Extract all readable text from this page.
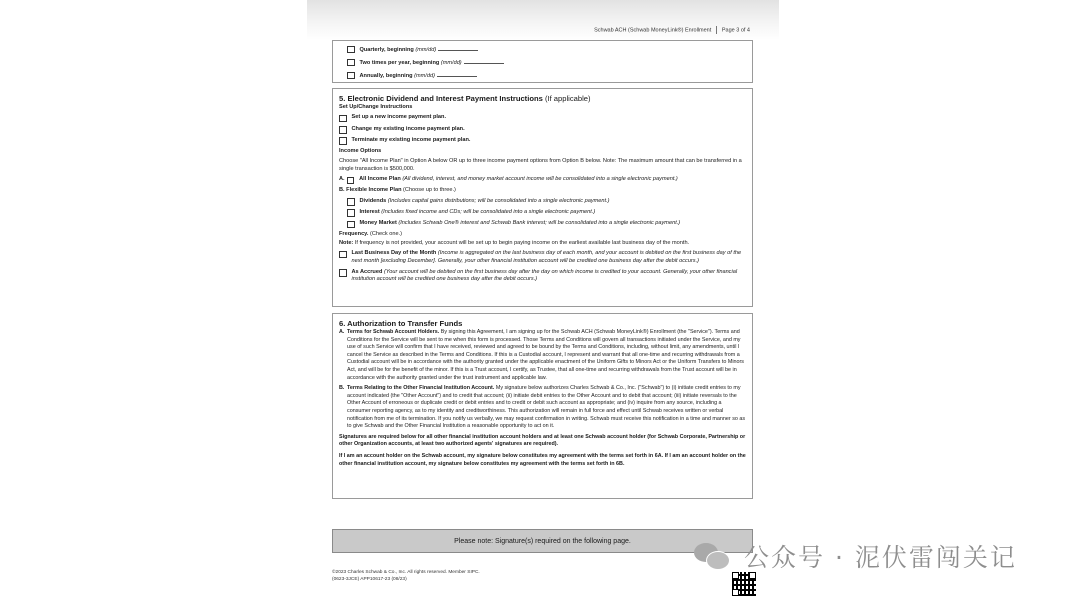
Schwab ACH (Schwab MoneyLink®) Enrollment Page 3 of 4
Quarterly, beginning (mm/dd)
Two times per year, beginning (mm/dd)
Annually, beginning (mm/dd)
5. Electronic Dividend and Interest Payment Instructions (If applicable)
Set Up/Change Instructions
Set up a new income payment plan.
Change my existing income payment plan.
Terminate my existing income payment plan.
Income Options
Choose "All Income Plan" in Option A below OR up to three income payment options from Option B below. Note: The maximum amount that can be transferred in a single transaction is $500,000.
A.	All Income Plan (All dividend, interest, and money market account income will be consolidated into a single electronic payment.)
B. Flexible Income Plan (Choose up to three.)
Dividends (Includes capital gains distributions; will be consolidated into a single electronic payment.)
Interest (Includes fixed income and CDs; will be consolidated into a single electronic payment.)
Money Market (Includes Schwab One® interest and Schwab Bank interest; will be consolidated into a single electronic payment.)
Frequency. (Check one.)
Note: If frequency is not provided, your account will be set up to begin paying income on the earliest available last business day of the month.
Last Business Day of the Month (Income is aggregated on the last business day of each month, and your account is debited on the first business day of the next month [excluding December]. Generally, your other financial institution account will be credited one business day after the debit occurs.)
As Accrued (Your account will be debited on the first business day after the day on which income is credited to your account. Generally, your other financial institution account will be credited one business day after the debit occurs.)
6. Authorization to Transfer Funds
A. Terms for Schwab Account Holders. By signing this Agreement, I am signing up for the Schwab ACH (Schwab MoneyLink®) Enrollment (the "Service"). Terms and Conditions for the Service will be sent to me when this form is processed. Those Terms and Conditions will govern all transactions initiated under the Service, and my use of such Service will confirm that I have received, reviewed and agreed to be bound by the Terms and Conditions, including, without limit, any amendments, until I cancel the Service as described in the Terms and Conditions. If this is a Custodial account, I represent and warrant that all one-time and recurring withdrawals from a Custodial account will be in accordance with the authority granted under the applicable enactment of the Uniform Gifts to Minors Act or the Uniform Transfers to Minors Act, and will be for the benefit of the minor. If this is a Trust account, I certify, as Trustee, that all one-time and recurring withdrawals from the Trust account will be in accordance with the authority granted under the trust instrument and applicable law.
B. Terms Relating to the Other Financial Institution Account. My signature below authorizes Charles Schwab & Co., Inc. ("Schwab") to (i) initiate credit entries to my account indicated (the "Other Account") and to credit that account; (ii) initiate debit entries to the Other Account and to debit that account; (iii) initiate reversals to the Other Account of erroneous or duplicate credit or debit entries and to credit or debit such account as appropriate; and (iv) inquire from any source, including a consumer reporting agency, as to my identity and creditworthiness. This authorization will remain in full force and effect until Schwab receives written or verbal notification from me of its termination. If you notify us verbally, we may request confirmation in writing. Schwab must receive this notification in a time and manner so as to give Schwab and the Other Financial Institution a reasonable opportunity to act on it.
Signatures are required below for all other financial institution account holders and at least one Schwab account holder (for Schwab Corporate, Partnership or other Organization accounts, at least two authorized agents' signatures are required).
If I am an account holder on the Schwab account, my signature below constitutes my agreement with the terms set forth in 6A. If I am an account holder on the other financial institution account, my signature below constitutes my agreement with the terms set forth in 6B.
Please note: Signature(s) required on the following page.
©2023 Charles Schwab & Co., Inc. All rights reserved. Member SIPC.
(0623-3JCE) APP10617-23 (08/23)
公众号 · 泥伏雷闯关记
